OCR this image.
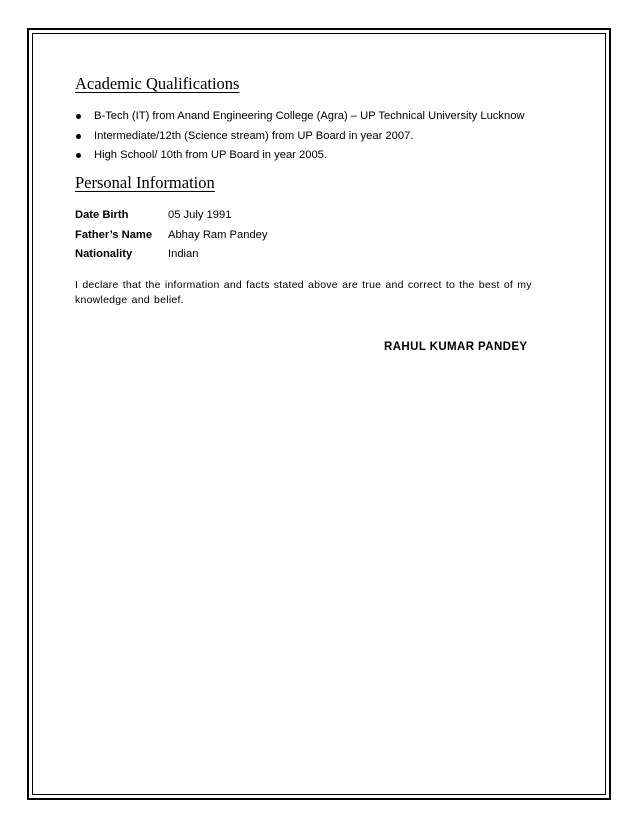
Academic Qualifications
B-Tech (IT) from Anand Engineering College (Agra) – UP Technical University Lucknow
Intermediate/12th (Science stream) from UP Board in year 2007.
High School/ 10th from UP Board in year 2005.
Personal Information
Date Birth	05 July 1991
Father’s Name Abhay Ram Pandey
Nationality	Indian

I declare that the information and facts stated above are true and correct to the best of my knowledge and belief.

RAHUL KUMAR PANDEY
